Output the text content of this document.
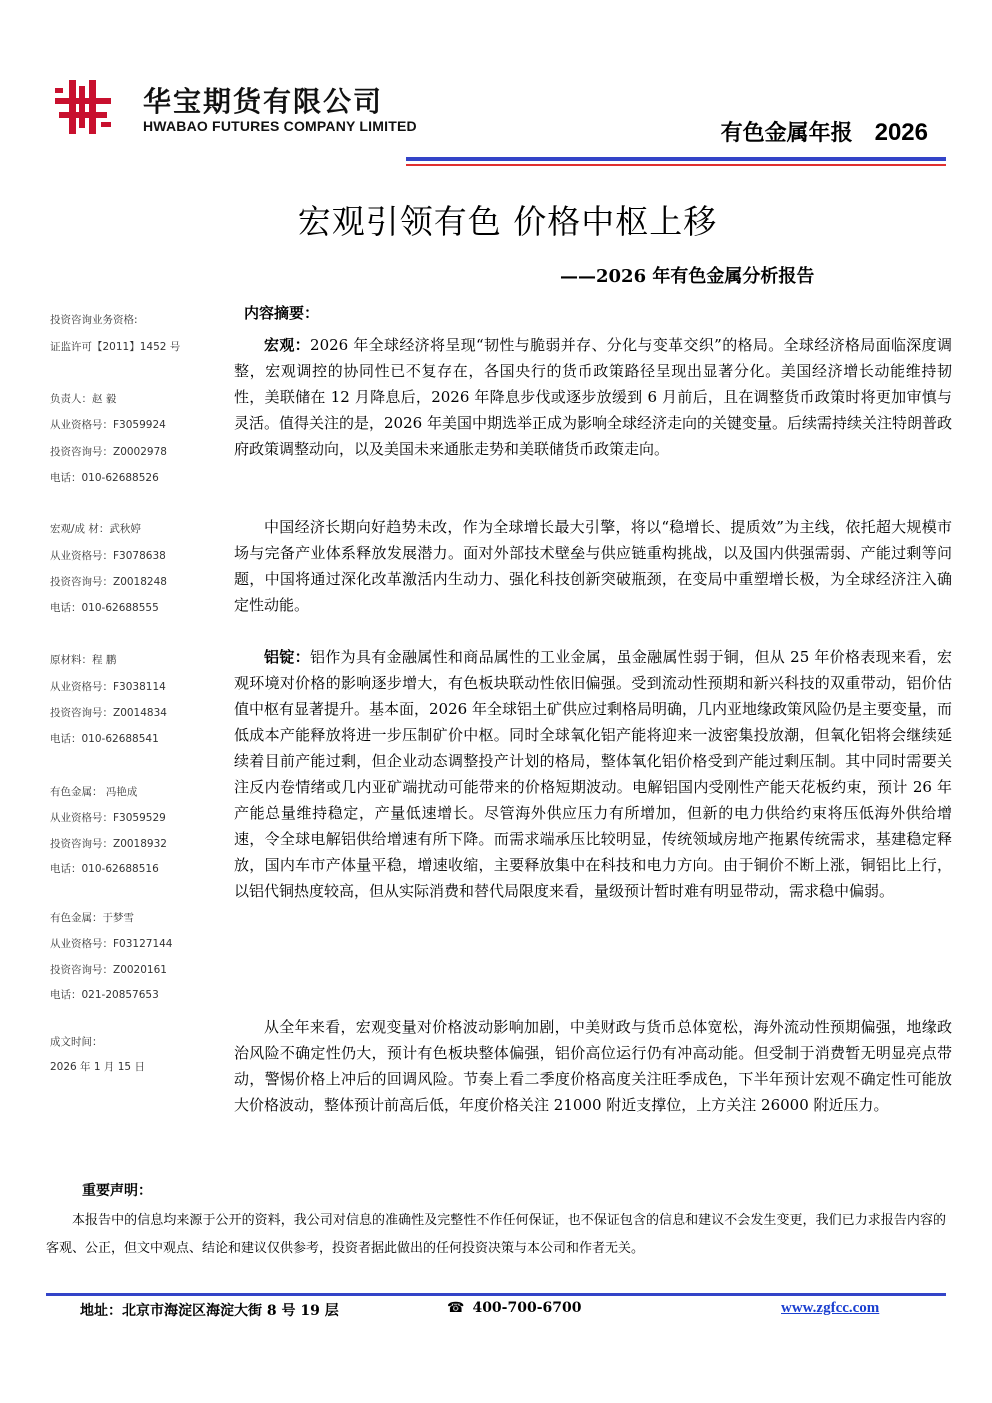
华宝期货有限公司
HWABAO FUTURES COMPANY LIMITED	有色金属年报 2026
宏观引领有色 价格中枢上移
——2026 年有色金属分析报告
投资咨询业务资格:
证监许可【2011】1452 号
负责人：赵 毅
从业资格号：F3059924
投资咨询号：Z0002978
电话：010-62688526
宏观/成 材：武秋婷
从业资格号：F3078638
投资咨询号：Z0018248
电话：010-62688555
原材料：程 鹏
从业资格号：F3038114
投资咨询号：Z0014834
电话：010-62688541
有色金属： 冯艳成
从业资格号：F3059529
投资咨询号：Z0018932
电话：010-62688516
有色金属：于梦雪
从业资格号：F03127144
投资咨询号：Z0020161
电话：021-20857653
成文时间：
2026 年 1 月 15 日
内容摘要：

宏观：2026 年全球经济将呈现“韧性与脆弱并存、分化与变革交织”的格局。全球经济格局面临深度调整，宏观调控的协同性已不复存在，各国央行的货币政策路径呈现出显著分化。美国经济增长动能维持韧性，美联储在 12 月降息后，2026 年降息步伐或逐步放缓到 6 月前后，且在调整货币政策时将更加审慎与灵活。值得关注的是，2026 年美国中期选举正成为影响全球经济走向的关键变量。后续需持续关注特朗普政府政策调整动向，以及美国未来通胀走势和美联储货币政策走向。

中国经济长期向好趋势未改，作为全球增长最大引擎，将以“稳增长、提质效”为主线，依托超大规模市场与完备产业体系释放发展潜力。面对外部技术壁垒与供应链重构挑战，以及国内供强需弱、产能过剩等问题，中国将通过深化改革激活内生动力、强化科技创新突破瓶颈，在变局中重塑增长极，为全球经济注入确定性动能。

铝锭：铝作为具有金融属性和商品属性的工业金属，虽金融属性弱于铜，但从 25 年价格表现来看，宏观环境对价格的影响逐步增大，有色板块联动性依旧偏强。受到流动性预期和新兴科技的双重带动，铝价估值中枢有显著提升。基本面，2026 年全球铝土矿供应过剩格局明确，几内亚地缘政策风险仍是主要变量，而低成本产能释放将进一步压制矿价中枢。同时全球氧化铝产能将迎来一波密集投放潮，但氧化铝将会继续延续着目前产能过剩，但企业动态调整投产计划的格局，整体氧化铝价格受到产能过剩压制。其中同时需要关注反内卷情绪或几内亚矿端扰动可能带来的价格短期波动。电解铝国内受刚性产能天花板约束，预计 26 年产能总量维持稳定，产量低速增长。尽管海外供应压力有所增加，但新的电力供给约束将压低海外供给增速，令全球电解铝供给增速有所下降。而需求端承压比较明显，传统领域房地产拖累传统需求，基建稳定释放，国内车市产体量平稳，增速收缩，主要释放集中在科技和电力方向。由于铜价不断上涨，铜铝比上行，以铝代铜热度较高，但从实际消费和替代局限度来看，量级预计暂时难有明显带动，需求稳中偏弱。

从全年来看，宏观变量对价格波动影响加剧，中美财政与货币总体宽松，海外流动性预期偏强，地缘政治风险不确定性仍大，预计有色板块整体偏强，铝价高位运行仍有冲高动能。但受制于消费暂无明显亮点带动，警惕价格上冲后的回调风险。节奏上看二季度价格高度关注旺季成色，下半年预计宏观不确定性可能放大价格波动，整体预计前高后低，年度价格关注 21000 附近支撑位，上方关注 26000 附近压力。

重要声明：

本报告中的信息均来源于公开的资料，我公司对信息的准确性及完整性不作任何保证，也不保证包含的信息和建议不会发生变更，我们已力求报告内容的客观、公正，但文中观点、结论和建议仅供参考，投资者据此做出的任何投资决策与本公司和作者无关。

地址：北京市海淀区海淀大街 8 号 19 层	☎ 400-700-6700	www.zgfcc.com
